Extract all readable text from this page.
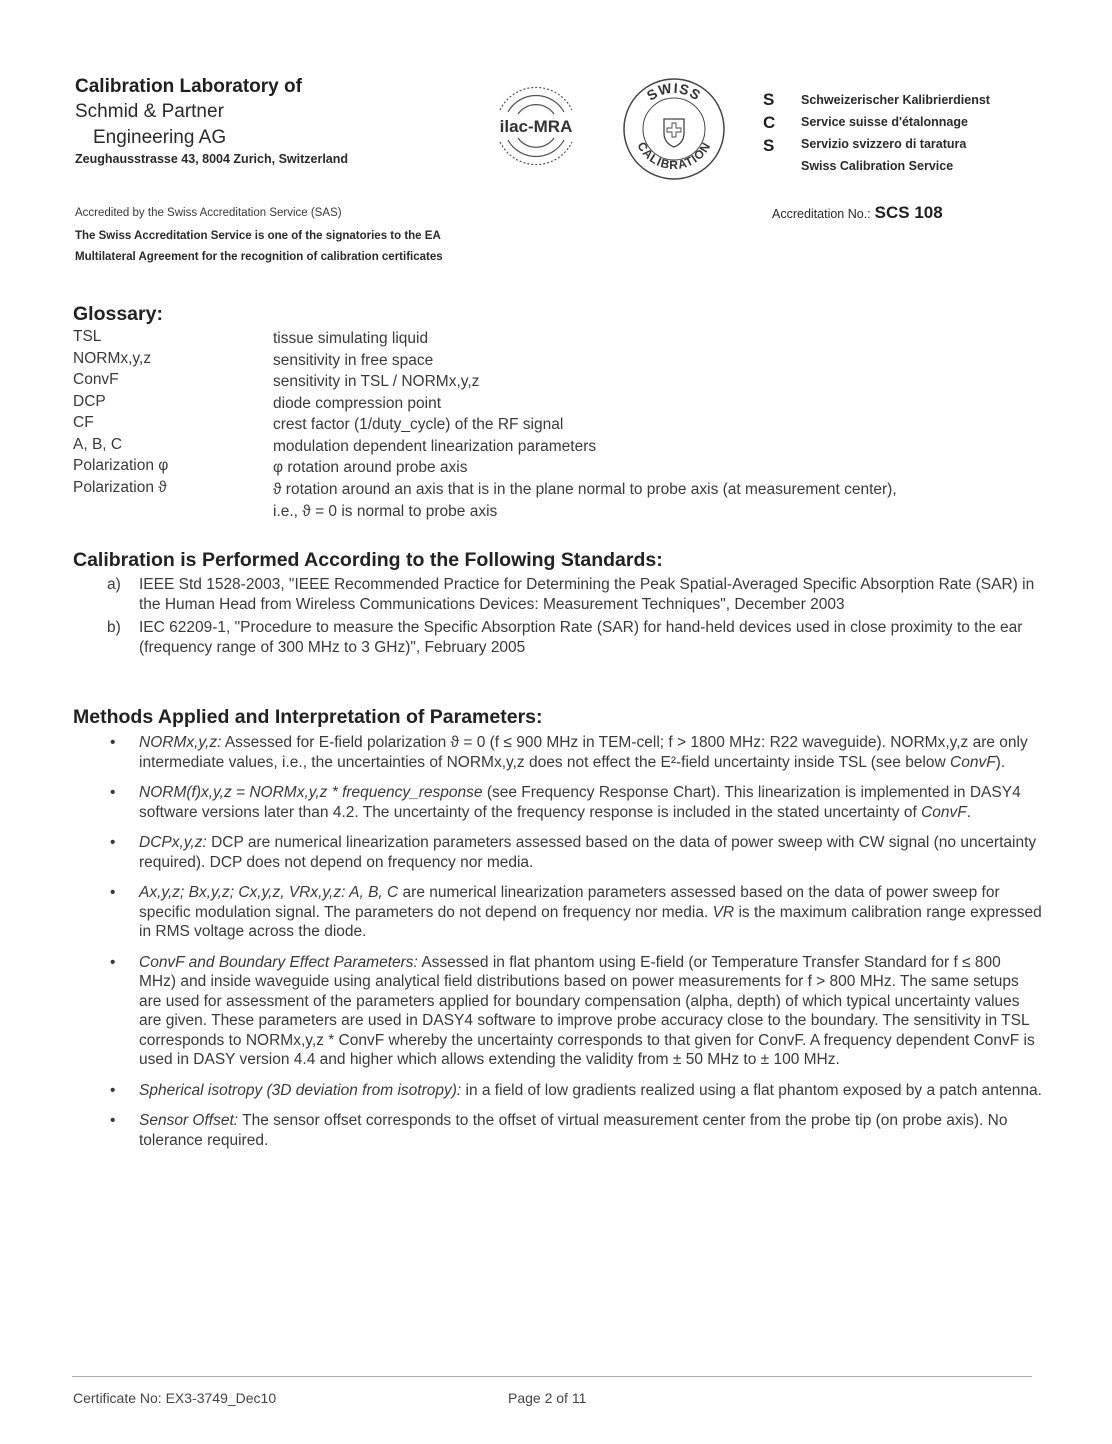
Calibration Laboratory of
Schmid & Partner
Engineering AG
Zeughausstrasse 43, 8004 Zurich, Switzerland
ilac-MRA
SWISS
CALIBRATION
S
C
S
Schweizerischer Kalibrierdienst
Service suisse d'étalonnage
Servizio svizzero di taratura
Swiss Calibration Service
Accredited by the Swiss Accreditation Service (SAS)
The Swiss Accreditation Service is one of the signatories to the EA
Multilateral Agreement for the recognition of calibration certificates
Accreditation No.: SCS 108
Glossary:
TSL	tissue simulating liquid
NORMx,y,z	sensitivity in free space
ConvF	sensitivity in TSL / NORMx,y,z
DCP	diode compression point
CF	crest factor (1/duty_cycle) of the RF signal
A, B, C	modulation dependent linearization parameters
Polarization φ	φ rotation around probe axis
Polarization ϑ	ϑ rotation around an axis that is in the plane normal to probe axis (at measurement center),
i.e., ϑ = 0 is normal to probe axis
Calibration is Performed According to the Following Standards:
a) IEEE Std 1528-2003, "IEEE Recommended Practice for Determining the Peak Spatial-Averaged Specific Absorption Rate (SAR) in the Human Head from Wireless Communications Devices: Measurement Techniques", December 2003
b) IEC 62209-1, "Procedure to measure the Specific Absorption Rate (SAR) for hand-held devices used in close proximity to the ear (frequency range of 300 MHz to 3 GHz)", February 2005
Methods Applied and Interpretation of Parameters:
• NORMx,y,z: Assessed for E-field polarization ϑ = 0 (f ≤ 900 MHz in TEM-cell; f > 1800 MHz: R22 waveguide). NORMx,y,z are only intermediate values, i.e., the uncertainties of NORMx,y,z does not effect the E²-field uncertainty inside TSL (see below ConvF).
• NORM(f)x,y,z = NORMx,y,z * frequency_response (see Frequency Response Chart). This linearization is implemented in DASY4 software versions later than 4.2. The uncertainty of the frequency response is included in the stated uncertainty of ConvF.
• DCPx,y,z: DCP are numerical linearization parameters assessed based on the data of power sweep with CW signal (no uncertainty required). DCP does not depend on frequency nor media.
• Ax,y,z; Bx,y,z; Cx,y,z, VRx,y,z: A, B, C are numerical linearization parameters assessed based on the data of power sweep for specific modulation signal. The parameters do not depend on frequency nor media. VR is the maximum calibration range expressed in RMS voltage across the diode.
• ConvF and Boundary Effect Parameters: Assessed in flat phantom using E-field (or Temperature Transfer Standard for f ≤ 800 MHz) and inside waveguide using analytical field distributions based on power measurements for f > 800 MHz. The same setups are used for assessment of the parameters applied for boundary compensation (alpha, depth) of which typical uncertainty values are given. These parameters are used in DASY4 software to improve probe accuracy close to the boundary. The sensitivity in TSL corresponds to NORMx,y,z * ConvF whereby the uncertainty corresponds to that given for ConvF. A frequency dependent ConvF is used in DASY version 4.4 and higher which allows extending the validity from ± 50 MHz to ± 100 MHz.
• Spherical isotropy (3D deviation from isotropy): in a field of low gradients realized using a flat phantom exposed by a patch antenna.
• Sensor Offset: The sensor offset corresponds to the offset of virtual measurement center from the probe tip (on probe axis). No tolerance required.
Certificate No: EX3-3749_Dec10	Page 2 of 11
